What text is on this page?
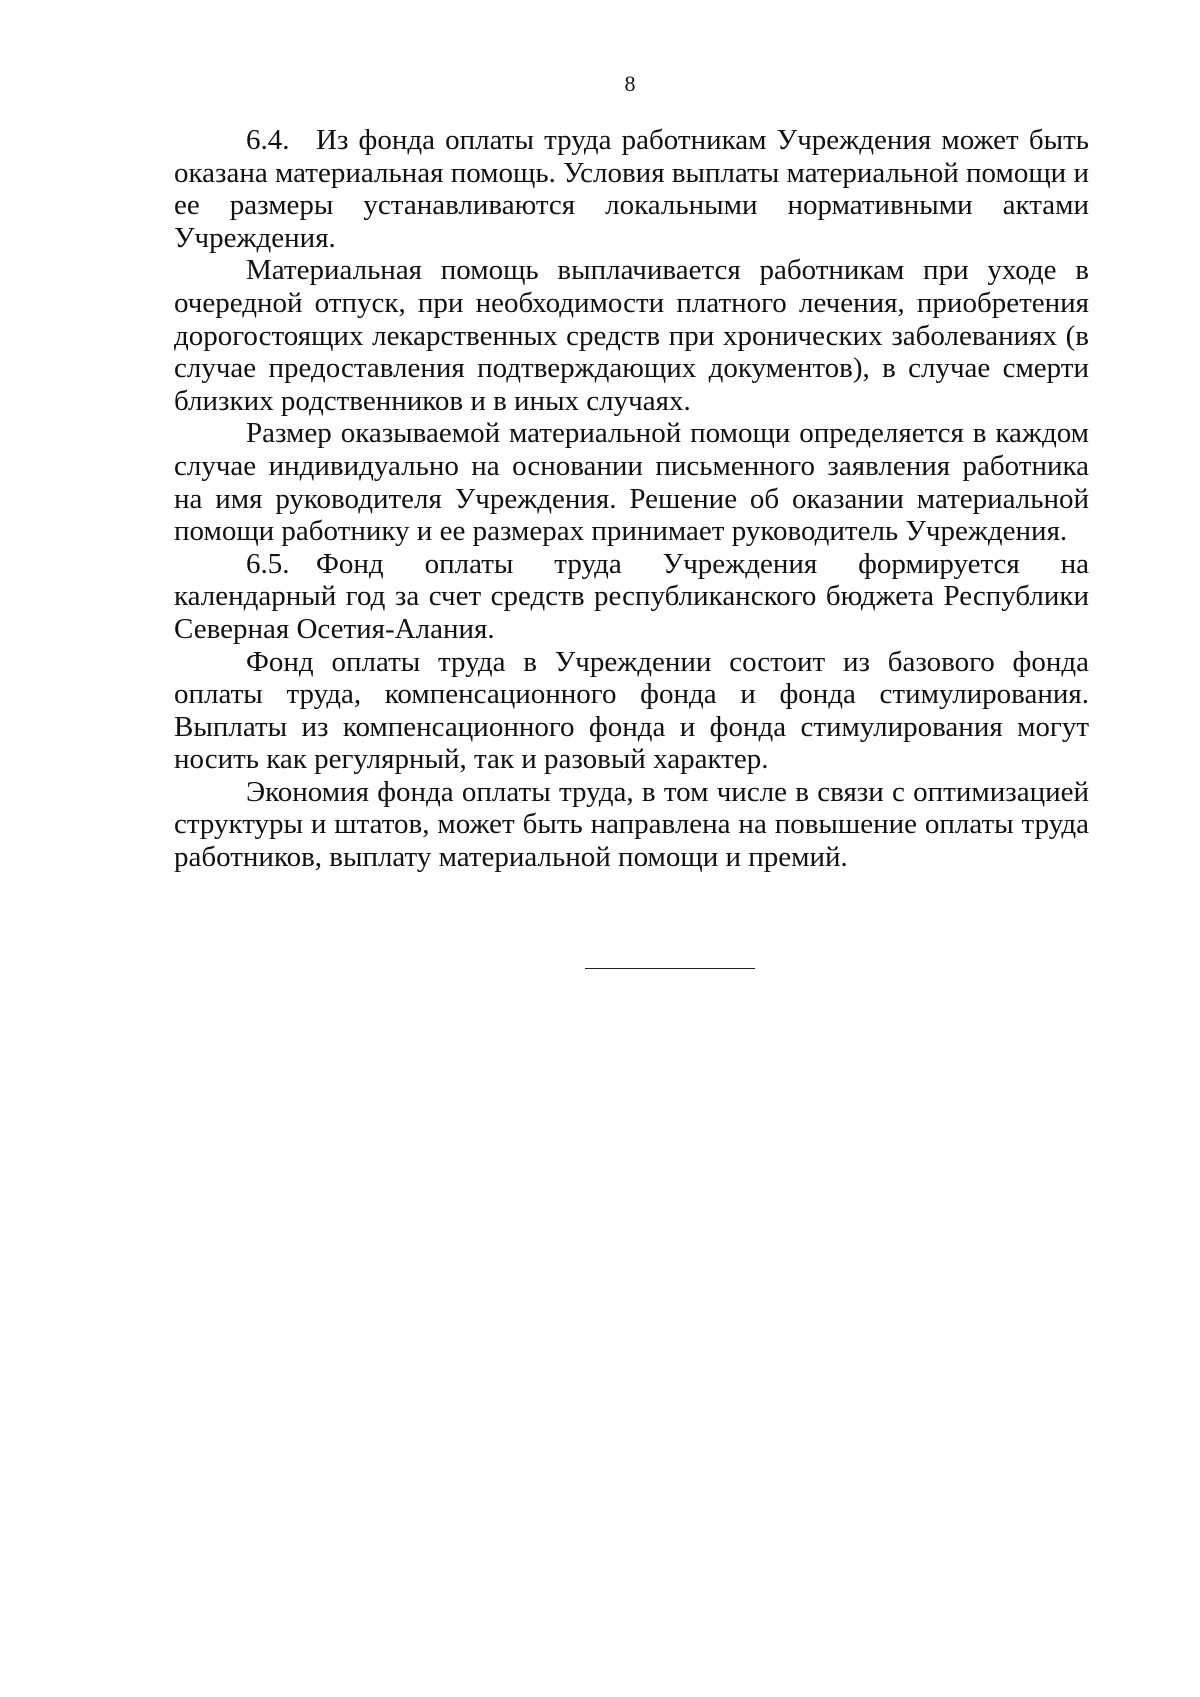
8

6.4. Из фонда оплаты труда работникам Учреждения может быть оказана материальная помощь. Условия выплаты материальной помощи и ее размеры устанавливаются локальными нормативными актами Учреждения.

Материальная помощь выплачивается работникам при уходе в очередной отпуск, при необходимости платного лечения, приобретения дорогостоящих лекарственных средств при хронических заболеваниях (в случае предоставления подтверждающих документов), в случае смерти близких родственников и в иных случаях.

Размер оказываемой материальной помощи определяется в каждом случае индивидуально на основании письменного заявления работника на имя руководителя Учреждения. Решение об оказании материальной помощи работнику и ее размерах принимает руководитель Учреждения.

6.5. Фонд оплаты труда Учреждения формируется на календарный год за счет средств республиканского бюджета Республики Северная Осетия-Алания.

Фонд оплаты труда в Учреждении состоит из базового фонда оплаты труда, компенсационного фонда и фонда стимулирования. Выплаты из компенсационного фонда и фонда стимулирования могут носить как регулярный, так и разовый характер.

Экономия фонда оплаты труда, в том числе в связи с оптимизацией структуры и штатов, может быть направлена на повышение оплаты труда работников, выплату материальной помощи и премий.
